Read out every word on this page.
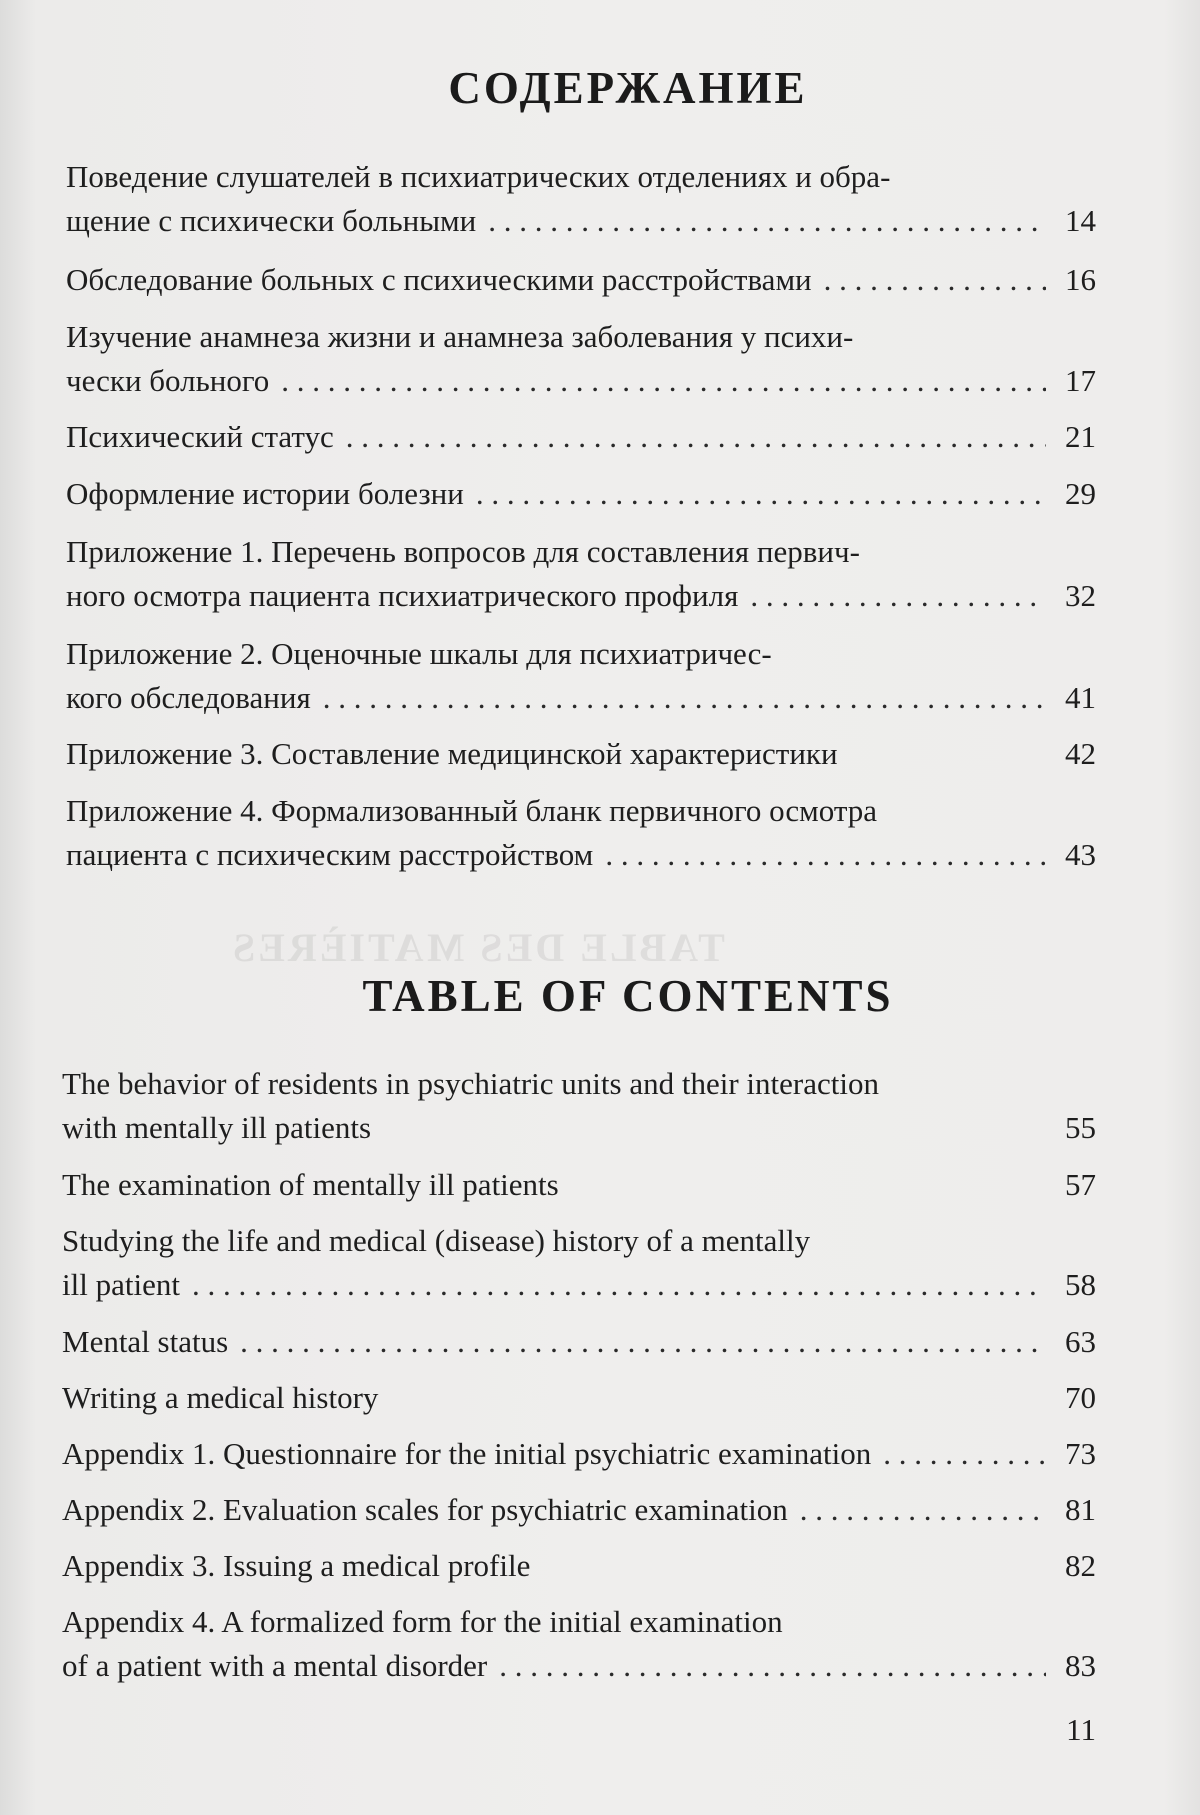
TABLE DES MATIÈRES
СОДЕРЖАНИЕ
Поведение слушателей в психиатрических отделениях и обра-
щение с психически больными . . .	14
Обследование больных с психическими расстройствами . . .	16
Изучение анамнеза жизни и анамнеза заболевания у психи-
чески больного . . .	17
Психический статус . . .	21
Оформление истории болезни . . .	29
Приложение 1. Перечень вопросов для составления первич-
ного осмотра пациента психиатрического профиля . . .	32
Приложение 2. Оценочные шкалы для психиатричес-
кого обследования . . .	41
Приложение 3. Составление медицинской характеристики	42
Приложение 4. Формализованный бланк первичного осмотра
пациента с психическим расстройством . . .	43
TABLE OF CONTENTS
The behavior of residents in psychiatric units and their interaction
with mentally ill patients	55
The examination of mentally ill patients	57
Studying the life and medical (disease) history of a mentally
ill patient . . .	58
Mental status . . .	63
Writing a medical history	70
Appendix 1. Questionnaire for the initial psychiatric examination . . .	73
Appendix 2. Evaluation scales for psychiatric examination . . .	81
Appendix 3. Issuing a medical profile	82
Appendix 4. A formalized form for the initial examination
of a patient with a mental disorder . . .	83
11
